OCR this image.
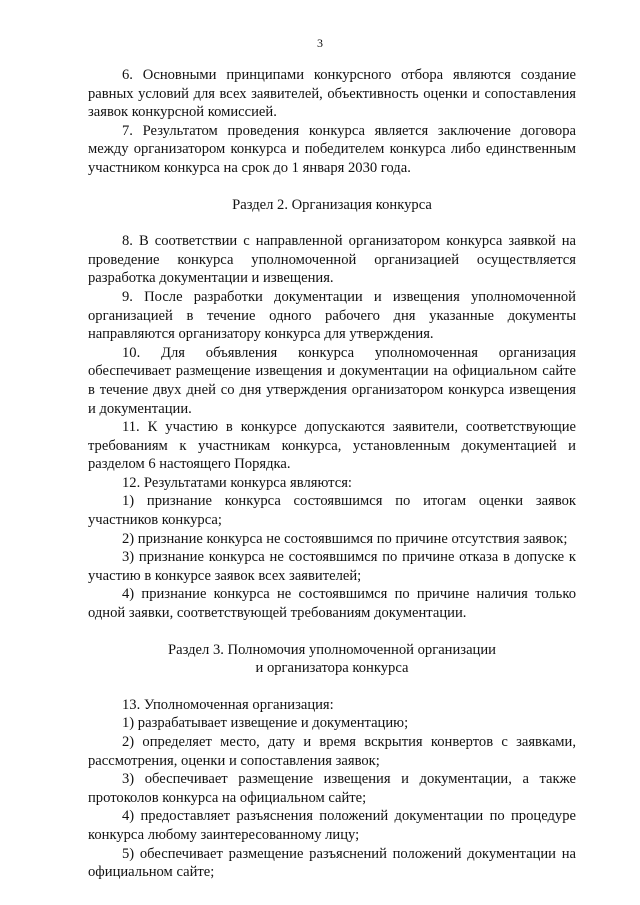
3

6. Основными принципами конкурсного отбора являются создание равных условий для всех заявителей, объективность оценки и сопоставления заявок конкурсной комиссией.

7. Результатом проведения конкурса является заключение договора между организатором конкурса и победителем конкурса либо единственным участником конкурса на срок до 1 января 2030 года.

Раздел 2. Организация конкурса

8. В соответствии с направленной организатором конкурса заявкой на проведение конкурса уполномоченной организацией осуществляется разработка документации и извещения.

9. После разработки документации и извещения уполномоченной организацией в течение одного рабочего дня указанные документы направляются организатору конкурса для утверждения.

10. Для объявления конкурса уполномоченная организация обеспечивает размещение извещения и документации на официальном сайте в течение двух дней со дня утверждения организатором конкурса извещения и документации.

11. К участию в конкурсе допускаются заявители, соответствующие требованиям к участникам конкурса, установленным документацией и разделом 6 настоящего Порядка.

12. Результатами конкурса являются:

1) признание конкурса состоявшимся по итогам оценки заявок участников конкурса;

2) признание конкурса не состоявшимся по причине отсутствия заявок;

3) признание конкурса не состоявшимся по причине отказа в допуске к участию в конкурсе заявок всех заявителей;

4) признание конкурса не состоявшимся по причине наличия только одной заявки, соответствующей требованиям документации.

Раздел 3. Полномочия уполномоченной организации
и организатора конкурса

13. Уполномоченная организация:

1) разрабатывает извещение и документацию;

2) определяет место, дату и время вскрытия конвертов с заявками, рассмотрения, оценки и сопоставления заявок;

3) обеспечивает размещение извещения и документации, а также протоколов конкурса на официальном сайте;

4) предоставляет разъяснения положений документации по процедуре конкурса любому заинтересованному лицу;

5) обеспечивает размещение разъяснений положений документации на официальном сайте;
